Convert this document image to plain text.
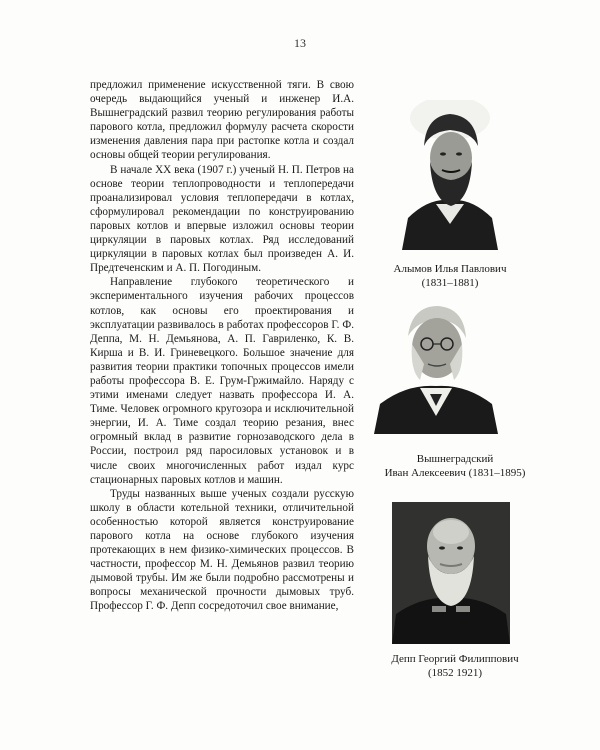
13

предложил применение искусственной тяги. В свою очередь выдающийся ученый и инженер И.А. Вышнеградский развил теорию регулирования работы парового котла, предложил формулу расчета скорости изменения давления пара при растопке котла и создал основы общей теории регулирования.

В начале XX века (1907 г.) ученый Н. П. Петров на основе теории теплопроводности и теплопередачи проанализировал условия теплопередачи в котлах, сформулировал рекомендации по конструированию паровых котлов и впервые изложил основы теории циркуляции в паровых котлах. Ряд исследований циркуляции в паровых котлах был произведен А. И. Предтеченским и А. П. Погодиным.

Направление глубокого теоретического и экспериментального изучения рабочих процессов котлов, как основы его проектирования и эксплуатации развивалось в работах профессоров Г. Ф. Деппа, М. Н. Демьянова, А. П. Гавриленко, К. В. Кирша и В. И. Гриневецкого. Большое значение для развития теории практики топочных процессов имели работы профессора В. Е. Грум-Гржимайло. Наряду с этими именами следует назвать профессора И. А. Тиме. Человек огромного кругозора и исключительной энергии, И. А. Тиме создал теорию резания, внес огромный вклад в развитие горнозаводского дела в России, построил ряд паросиловых установок и в числе своих многочисленных работ издал курс стационарных паровых котлов и машин.

Труды названных выше ученых создали русскую школу в области котельной техники, отличительной особенностью которой является конструирование парового котла на основе глубокого изучения протекающих в нем физико-химических процессов. В частности, профессор М. Н. Демьянов развил теорию дымовой трубы. Им же были подробно рассмотрены и вопросы механической прочности дымовых труб. Профессор Г. Ф. Депп сосредоточил свое внимание,

Алымов Илья Павлович
(1831–1881)
Вышнеградский
Иван Алексеевич (1831–1895)
Депп Георгий Филиппович
(1852 1921)
